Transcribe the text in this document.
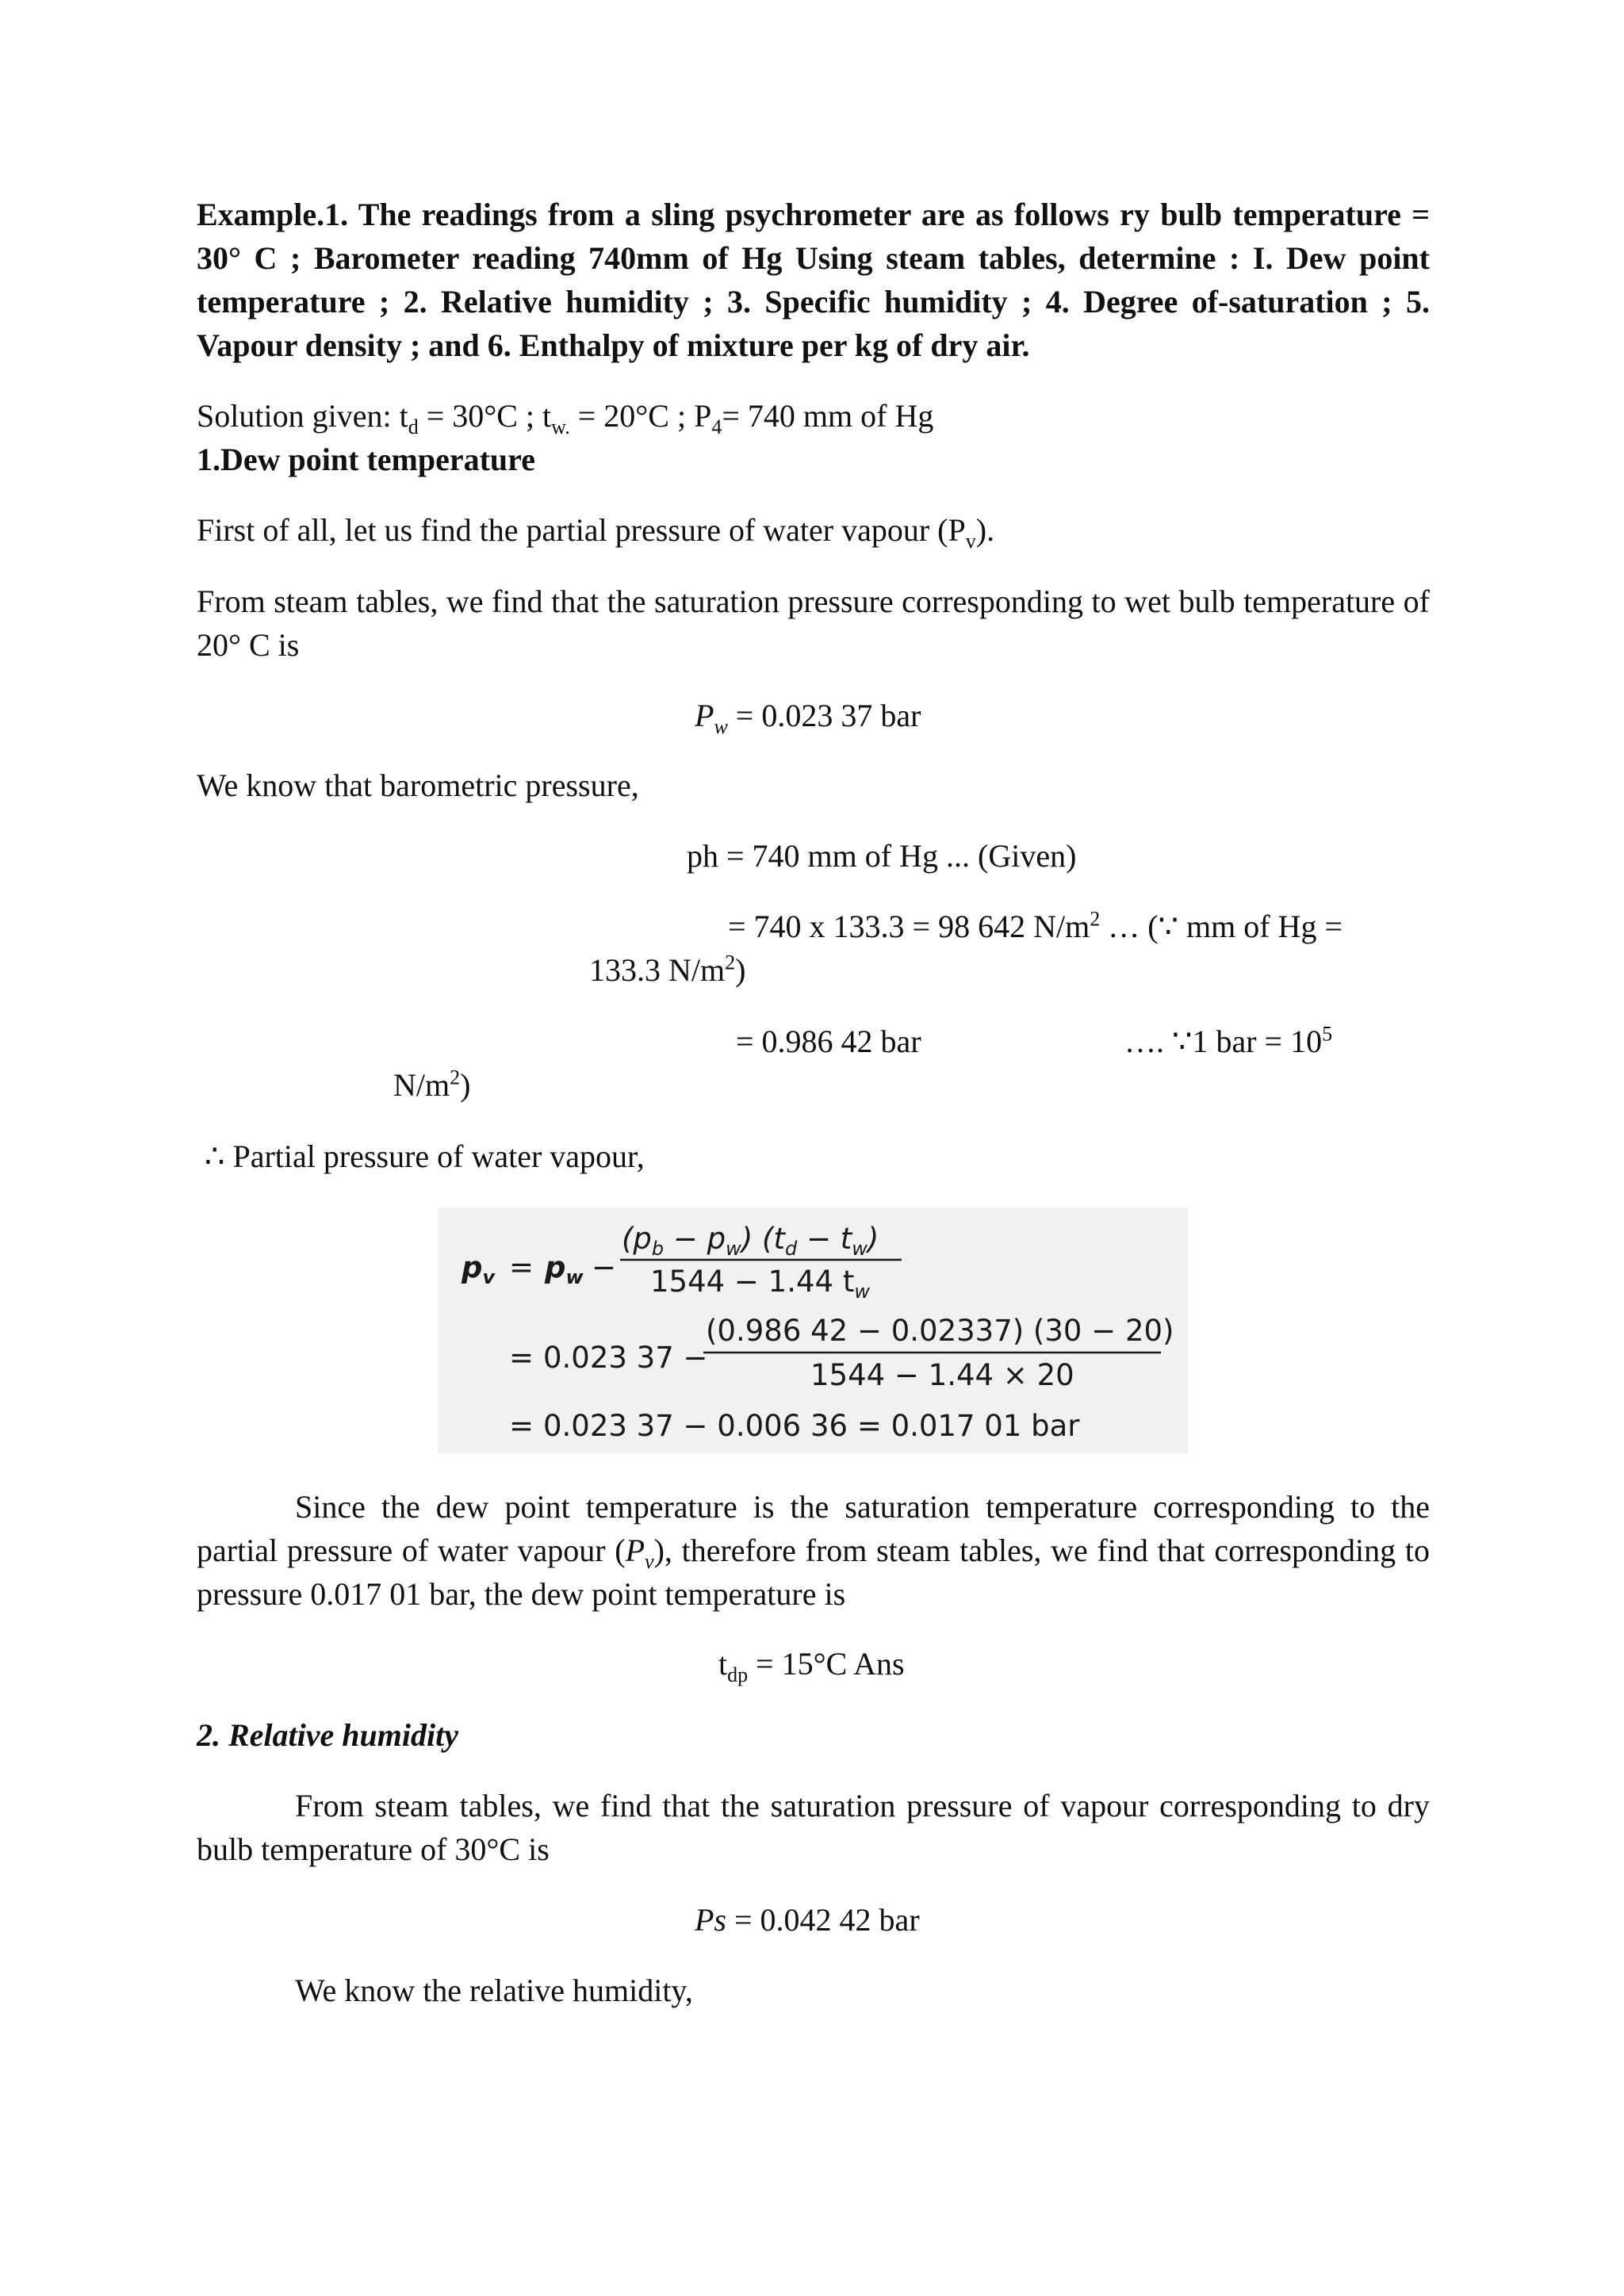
Example.1. The readings from a sling psychrometer are as follows ry bulb temperature = 30° C ; Barometer reading 740mm of Hg Using steam tables, determine : I. Dew point temperature ; 2. Relative humidity ; 3. Specific humidity ; 4. Degree of-saturation ; 5. Vapour density ; and 6. Enthalpy of mixture per kg of dry air.

Solution given: $t_d = 30^\circ C$ ; $t_{w.} = 20^\circ C$ ; $P_4= 740$ mm of Hg

1.Dew point temperature

First of all, let us find the partial pressure of water vapour $(P_v)$.

From steam tables, we find that the saturation pressure corresponding to wet bulb temperature of 20° C is

$P_w = 0.023$ 37 bar

We know that barometric pressure,

ph = 740 mm of Hg ... (Given)

= 740 x 133.3 = 98 642 $N/m^2$ … (∵ mm of Hg =

133.3 $N/m^2$)

= 0.986 42 bar	…. ∵1 bar = $10^5$

$N/m^2$)

∴ Partial pressure of water vapour,

$p_v = p_w$ −
$(p_b - p_w) (t_d - t_w)$
1544 − 1.44 $t_w$
= 0.023 37 −
(0.986 42 − 0.02337) (30 − 20)
1544 − 1.44 × 20
= 0.023 37 − 0.006 36 = 0.017 01 bar

Since the dew point temperature is the saturation temperature corresponding to the partial pressure of water vapour $(P_v)$, therefore from steam tables, we find that corresponding to pressure 0.017 01 bar, the dew point temperature is

$t_{dp} = 15^\circ C$ Ans

2. Relative humidity

From steam tables, we find that the saturation pressure of vapour corresponding to dry bulb temperature of 30°C is

Ps = 0.042 42 bar

We know the relative humidity,
